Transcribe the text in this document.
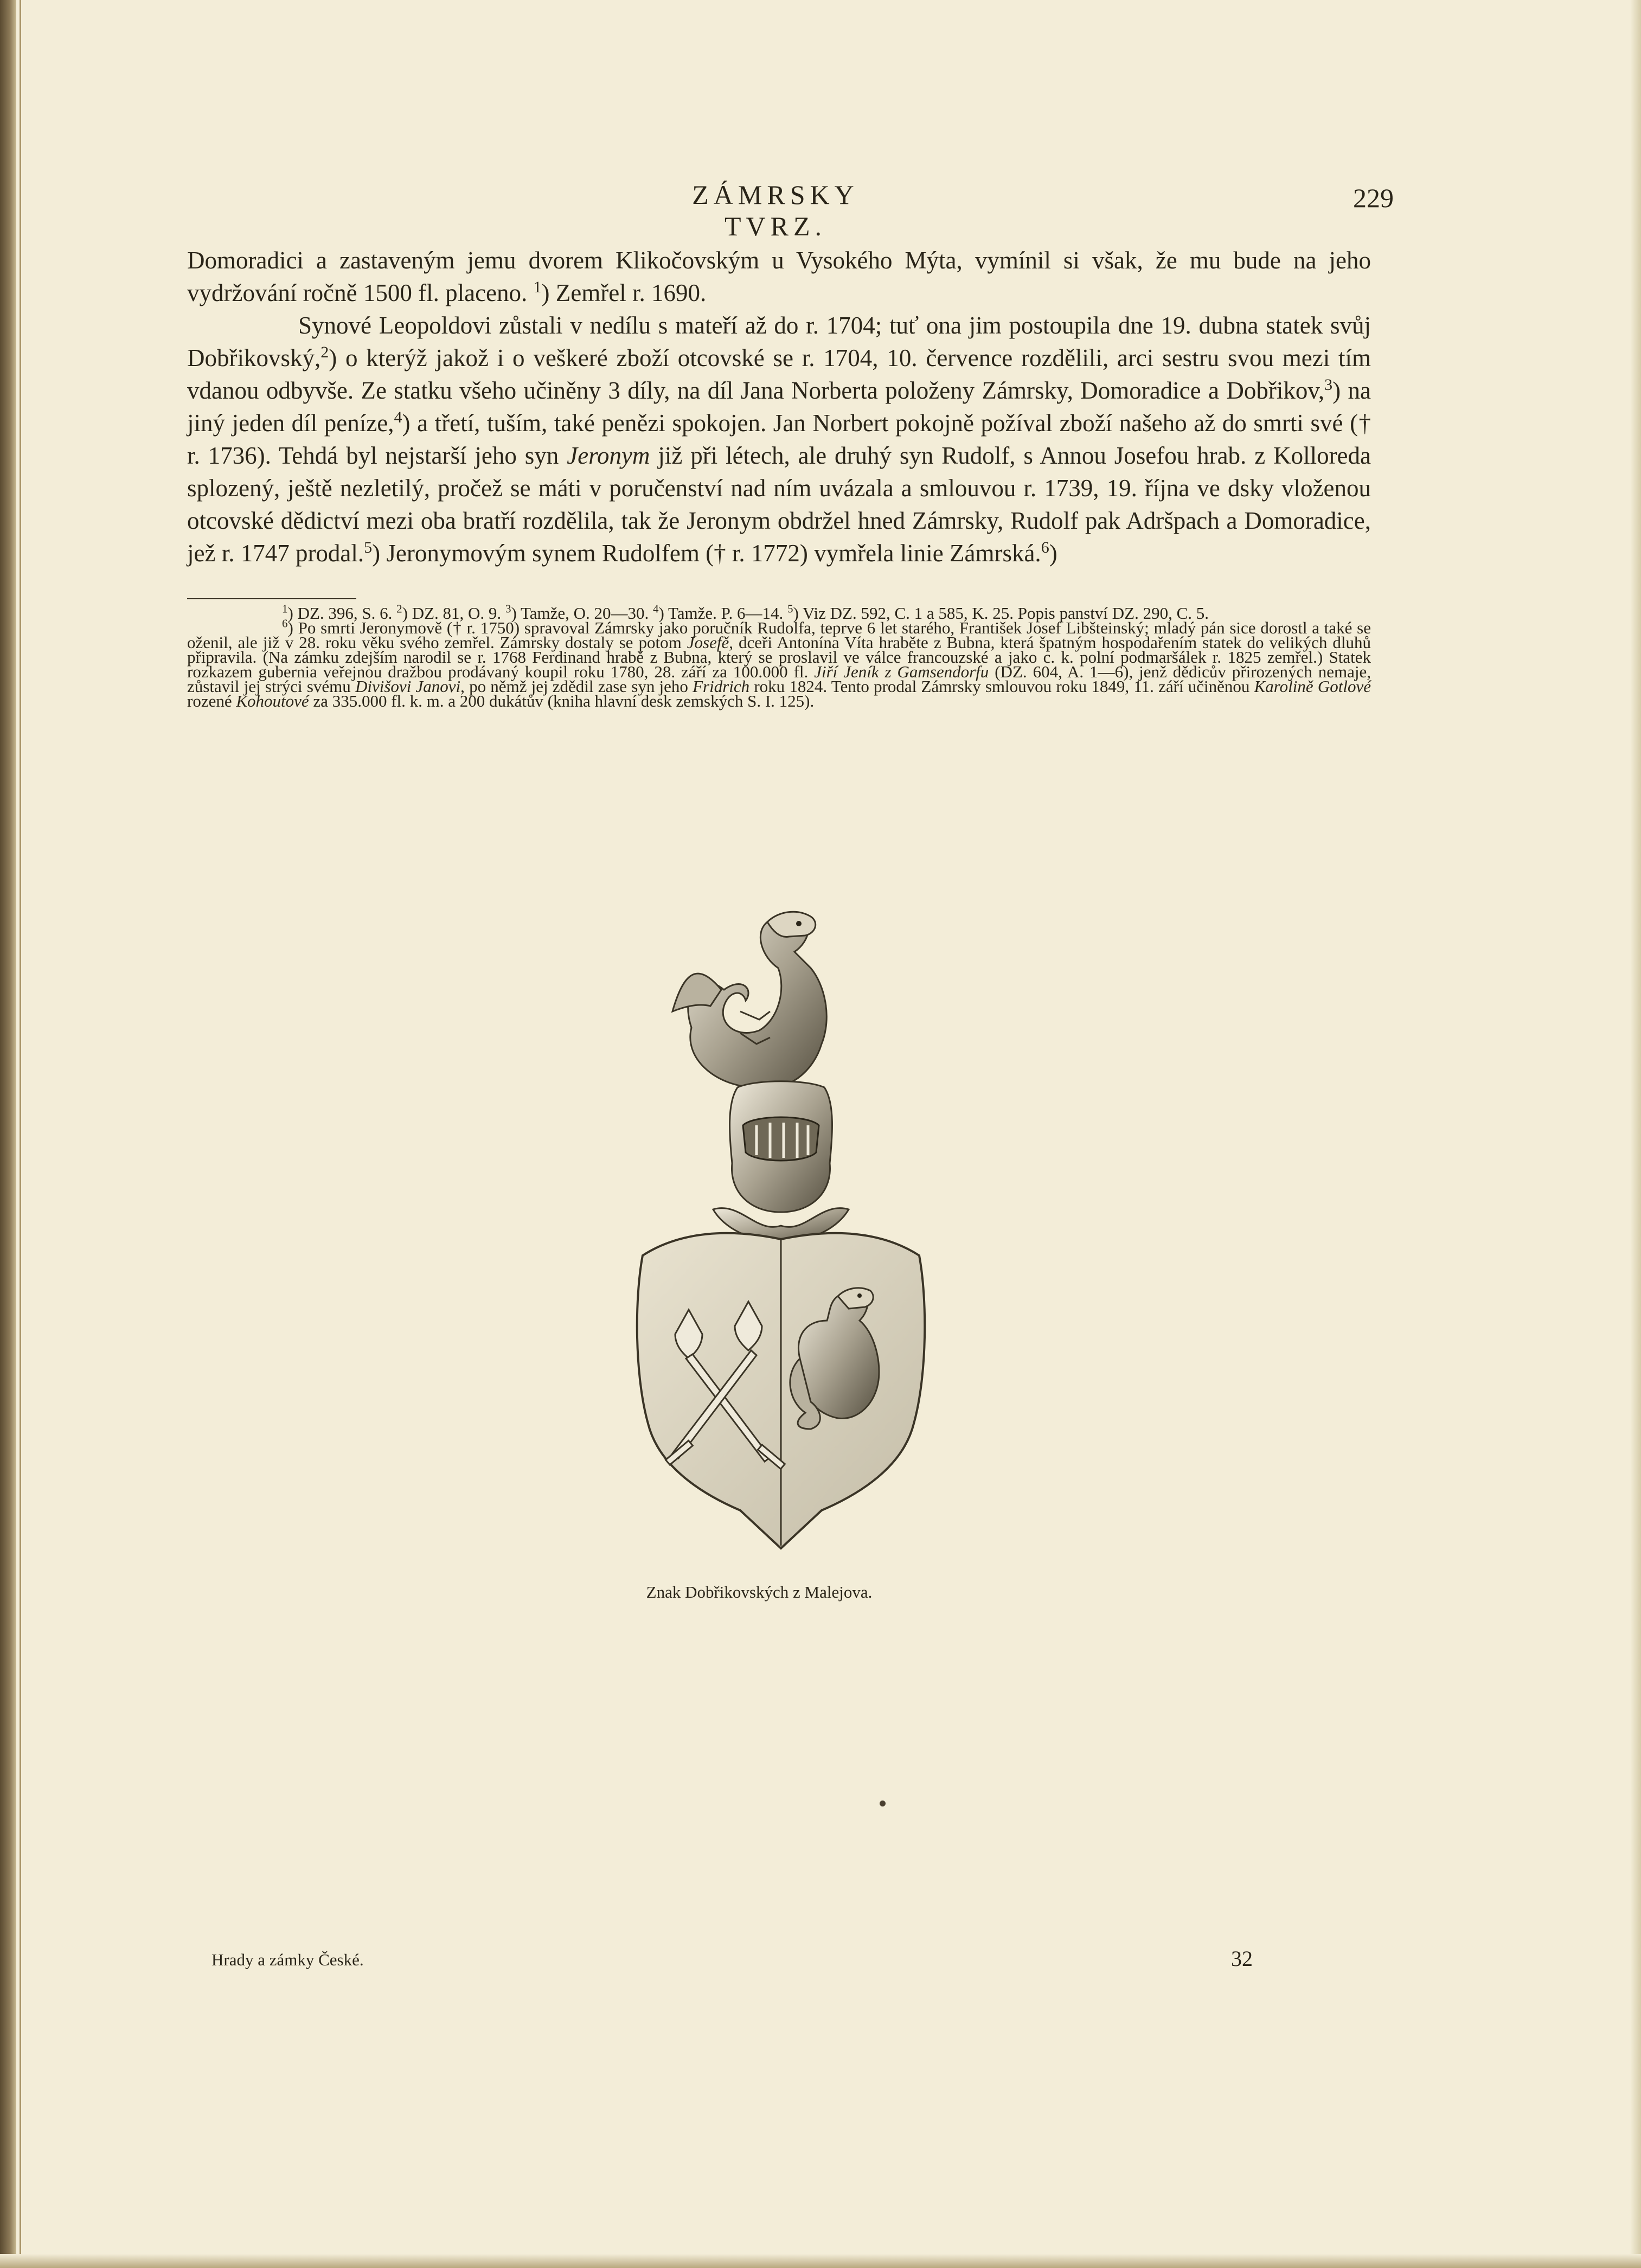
ZÁMRSKY TVRZ.
229

Domoradici a zastaveným jemu dvorem Klikočovským u Vysokého Mýta, vymínil si však, že mu bude na jeho vydržování ročně 1500 fl. placeno. $^1$) Zemřel r. 1690.

Synové Leopoldovi zůstali v nedílu s mateří až do r. 1704; tuť ona jim postoupila dne 19. dubna statek svůj Dobřikovský,$^2$) o kterýž jakož i o veškeré zboží otcovské se r. 1704, 10. července rozdělili, arci sestru svou mezi tím vdanou odbyvše. Ze statku všeho učiněny 3 díly, na díl Jana Norberta položeny Zámrsky, Domoradice a Dobřikov,$^3$) na jiný jeden díl peníze,$^4$) a třetí, tuším, také penězi spokojen. Jan Norbert pokojně požíval zboží našeho až do smrti své († r. 1736). Tehdá byl nejstarší jeho syn Jeronym již při létech, ale druhý syn Rudolf, s Annou Josefou hrab. z Kolloreda splozený, ještě nezletilý, pročež se máti v poručenství nad ním uvázala a smlouvou r. 1739, 19. října ve dsky vloženou otcovské dědictví mezi oba bratří rozdělila, tak že Jeronym obdržel hned Zámrsky, Rudolf pak Adršpach a Domoradice, jež r. 1747 prodal.$^5$) Jeronymovým synem Rudolfem († r. 1772) vymřela linie Zámrská.$^6$)

$^1$) DZ. 396, S. 6. $^2$) DZ. 81, O. 9. $^3$) Tamže, O. 20—30. $^4$) Tamže. P. 6—14. $^5$) Viz DZ. 592, C. 1 a 585, K. 25. Popis panství DZ. 290, C. 5.

$^6$) Po smrti Jeronymově († r. 1750) spravoval Zámrsky jako poručník Rudolfa, teprve 6 let starého, František Josef Libšteinský; mladý pán sice dorostl a také se oženil, ale již v 28. roku věku svého zemřel. Zámrsky dostaly se potom Josefě, dceři Antonína Víta hraběte z Bubna, která špatným hospodařením statek do velikých dluhů připravila. (Na zámku zdejším narodil se r. 1768 Ferdinand hrabě z Bubna, který se proslavil ve válce francouzské a jako c. k. polní podmaršálek r. 1825 zemřel.) Statek rozkazem gubernia veřejnou dražbou prodávaný koupil roku 1780, 28. září za 100.000 fl. Jiří Jeník z Gamsendorfu (DZ. 604, A. 1—6), jenž dědicův přirozených nemaje, zůstavil jej strýci svému Divišovi Janovi, po němž jej zdědil zase syn jeho Fridrich roku 1824. Tento prodal Zámrsky smlouvou roku 1849, 11. září učiněnou Karolině Gotlové rozené Kohoutové za 335.000 fl. k. m. a 200 dukátův (kniha hlavní desk zemských S. I. 125).

Znak Dobřikovských z Malejova.
Hrady a zámky České.	32
